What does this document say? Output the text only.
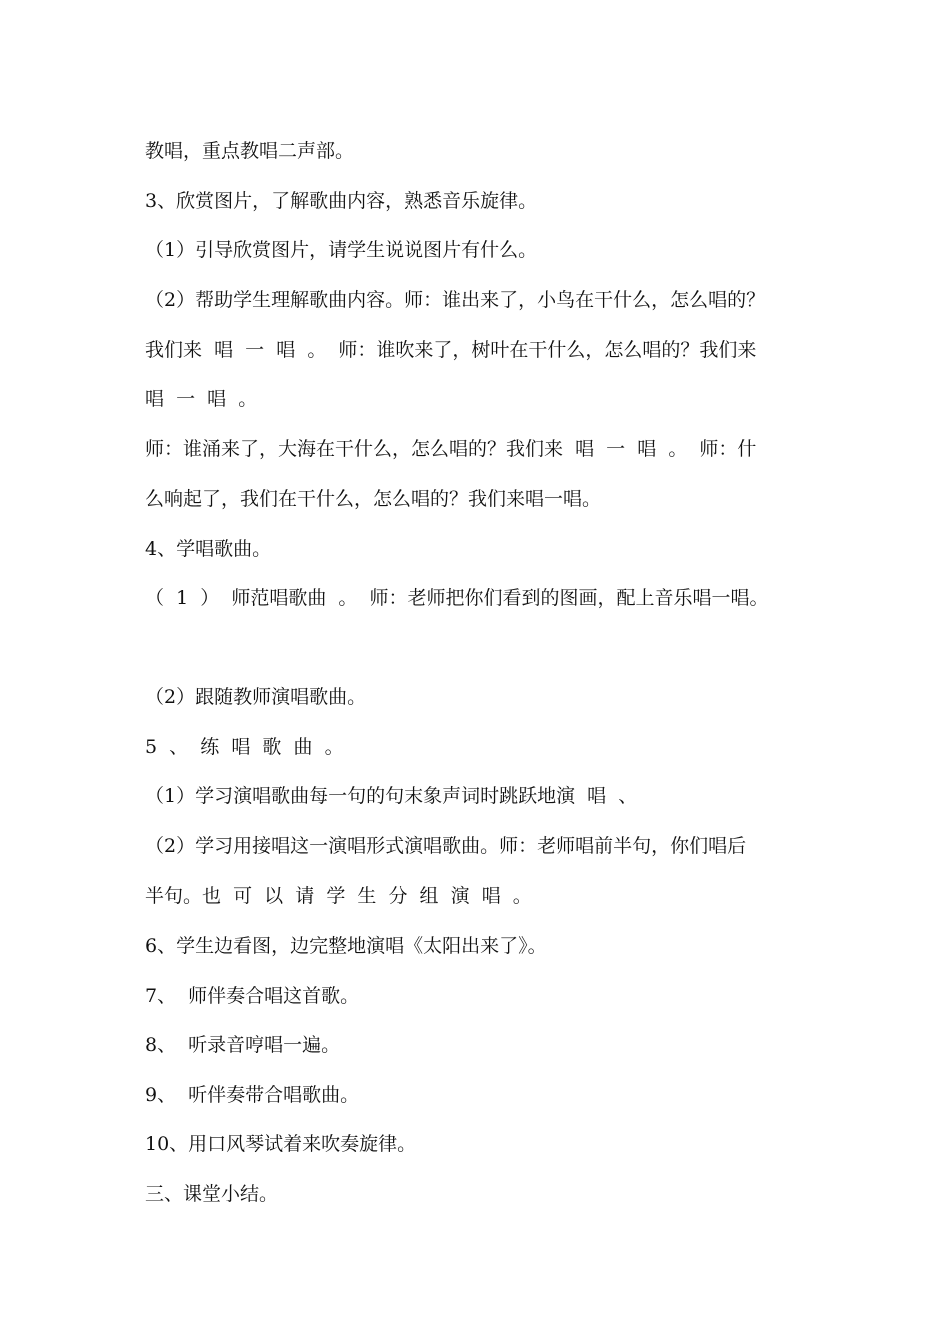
教唱，重点教唱二声部。
3、欣赏图片，了解歌曲内容，熟悉音乐旋律。
（1）引导欣赏图片，请学生说说图片有什么。
（2）帮助学生理解歌曲内容。师：谁出来了，小鸟在干什么，怎么唱的？
我们来  唱  一  唱  。  师：谁吹来了，树叶在干什么，怎么唱的？我们来
唱  一  唱  。
师：谁涌来了，大海在干什么，怎么唱的？我们来  唱  一  唱  。  师：什
么响起了，我们在干什么，怎么唱的？我们来唱一唱。
4、学唱歌曲。
（  1  ）  师范唱歌曲  。  师：老师把你们看到的图画，配上音乐唱一唱。
（2）跟随教师演唱歌曲。
5  、  练  唱  歌  曲  。
（1）学习演唱歌曲每一句的句末象声词时跳跃地演  唱  、
（2）学习用接唱这一演唱形式演唱歌曲。师：老师唱前半句，你们唱后
半句。也  可  以  请  学  生  分  组  演  唱  。
6、学生边看图，边完整地演唱《太阳出来了》。
7、  师伴奏合唱这首歌。
8、  听录音哼唱一遍。
9、  听伴奏带合唱歌曲。
10、用口风琴试着来吹奏旋律。
三、课堂小结。
